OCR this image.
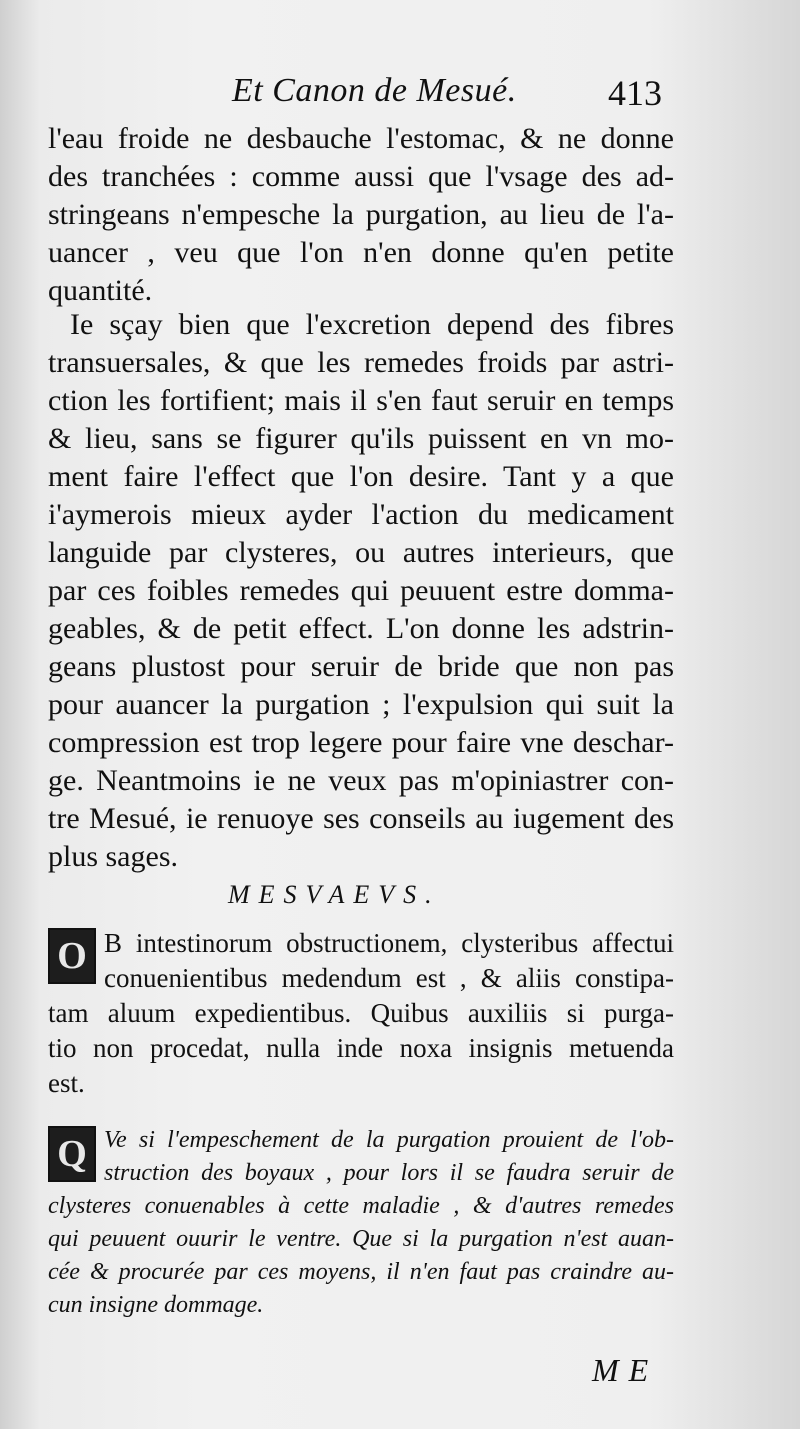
Et Canon de Mesué.	413
l'eau froide ne desbauche l'estomac, & ne donne
des tranchées : comme aussi que l'vsage des ad-
stringeans n'empesche la purgation, au lieu de l'a-
uancer , veu que l'on n'en donne qu'en petite
quantité.
Ie sçay bien que l'excretion depend des fibres
transuersales, & que les remedes froids par astri-
ction les fortifient; mais il s'en faut seruir en temps
& lieu, sans se figurer qu'ils puissent en vn mo-
ment faire l'effect que l'on desire. Tant y a que
i'aymerois mieux ayder l'action du medicament
languide par clysteres, ou autres interieurs, que
par ces foibles remedes qui peuuent estre domma-
geables, & de petit effect. L'on donne les adstrin-
geans plustost pour seruir de bride que non pas
pour auancer la purgation ; l'expulsion qui suit la
compression est trop legere pour faire vne deschar-
ge. Neantmoins ie ne veux pas m'opiniastrer con-
tre Mesué, ie renuoye ses conseils au iugement des
plus sages.
MESVAEVS.
O B intestinorum obstructionem, clysteribus affectui
conuenientibus medendum est , & aliis constipa-
tam aluum expedientibus. Quibus auxiliis si purga-
tio non procedat, nulla inde noxa insignis metuenda
est.
Q Ve si l'empeschement de la purgation prouient de l'ob-
struction des boyaux , pour lors il se faudra seruir de
clysteres conuenables à cette maladie , & d'autres remedes
qui peuuent ouurir le ventre. Que si la purgation n'est auan-
cée & procurée par ces moyens, il n'en faut pas craindre au-
cun insigne dommage.
ME
